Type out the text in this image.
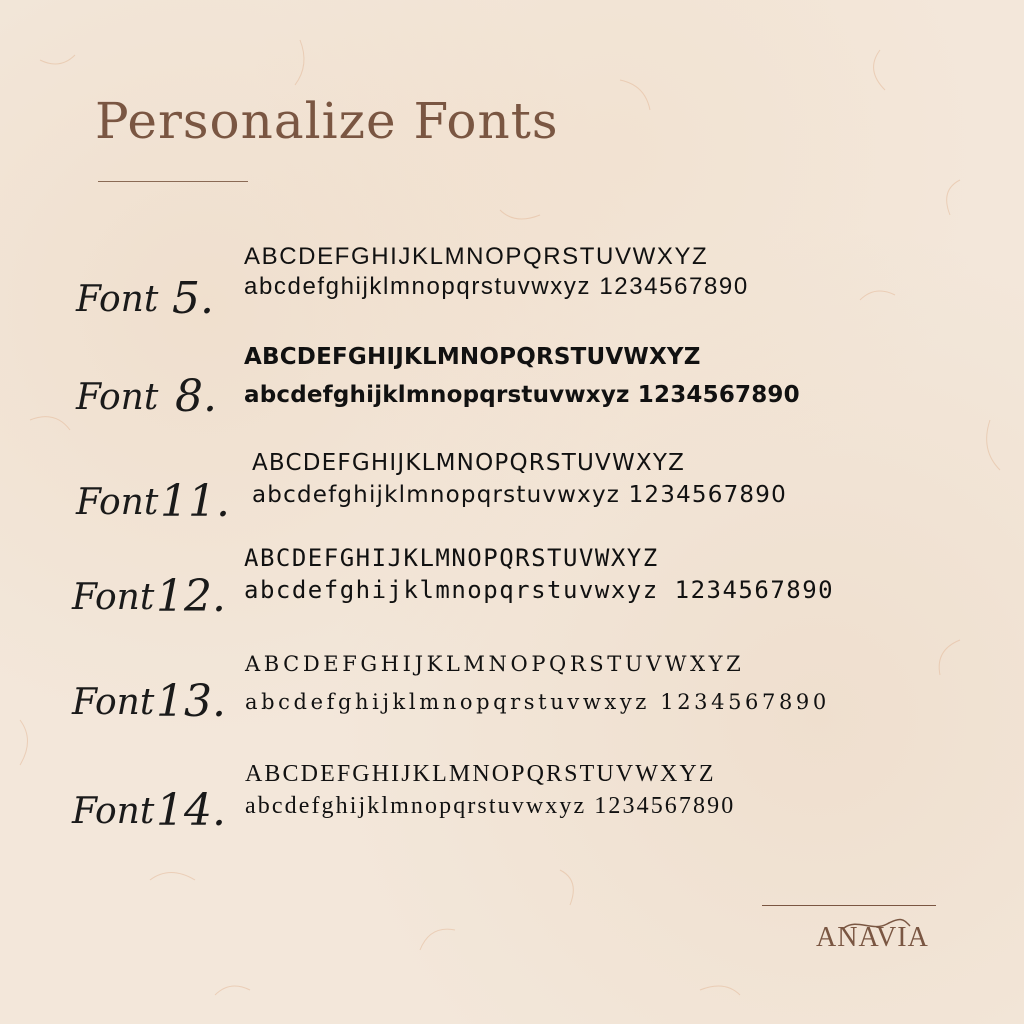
Personalize Fonts
Font 5.
ABCDEFGHIJKLMNOPQRSTUVWXYZ
abcdefghijklmnopqrstuvwxyz 1234567890
Font 8.
ABCDEFGHIJKLMNOPQRSTUVWXYZ
abcdefghijklmnopqrstuvwxyz 1234567890
Font 11.
ABCDEFGHIJKLMNOPQRSTUVWXYZ
abcdefghijklmnopqrstuvwxyz 1234567890
Font 12.
ABCDEFGHIJKLMNOPQRSTUVWXYZ
abcdefghijklmnopqrstuvwxyz 1234567890
Font 13.
ABCDEFGHIJKLMNOPQRSTUVWXYZ
abcdefghijklmnopqrstuvwxyz 1234567890
Font 14.
ABCDEFGHIJKLMNOPQRSTUVWXYZ
abcdefghijklmnopqrstuvwxyz 1234567890
ANAVIA
